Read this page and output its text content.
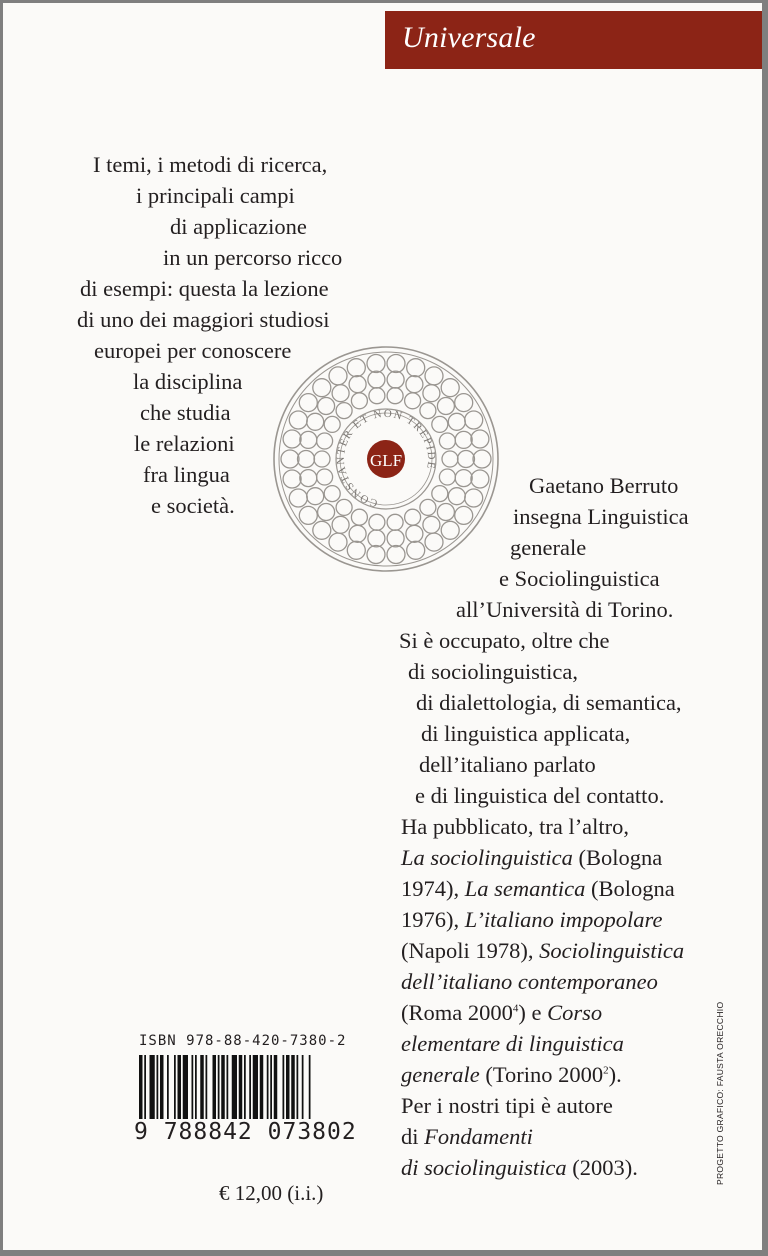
Universale
I temi, i metodi di ricerca,
i principali campi
di applicazione
in un percorso ricco
di esempi: questa la lezione
di uno dei maggiori studiosi
europei per conoscere
la disciplina
che studia
le relazioni
fra lingua
e società.	CONSTANTER ET NON TREPIDE
GLF
Gaetano Berruto
insegna Linguistica
generale
e Sociolinguistica
all’Università di Torino.
Si è occupato, oltre che
di sociolinguistica,
di dialettologia, di semantica,
di linguistica applicata,
dell’italiano parlato
e di linguistica del contatto.
Ha pubblicato, tra l’altro,
La sociolinguistica (Bologna
1974), La semantica (Bologna
1976), L’italiano impopolare
(Napoli 1978), Sociolinguistica
dell’italiano contemporaneo
(Roma 2000$^4$) e Corso
elementare di linguistica
generale (Torino 2000$^2$).
Per i nostri tipi è autore
di Fondamenti
di sociolinguistica (2003).
ISBN 978-88-420-7380-2
9 788842 073802
€ 12,00 (i.i.)
PROGETTO GRAFICO: FAUSTA ORECCHIO
